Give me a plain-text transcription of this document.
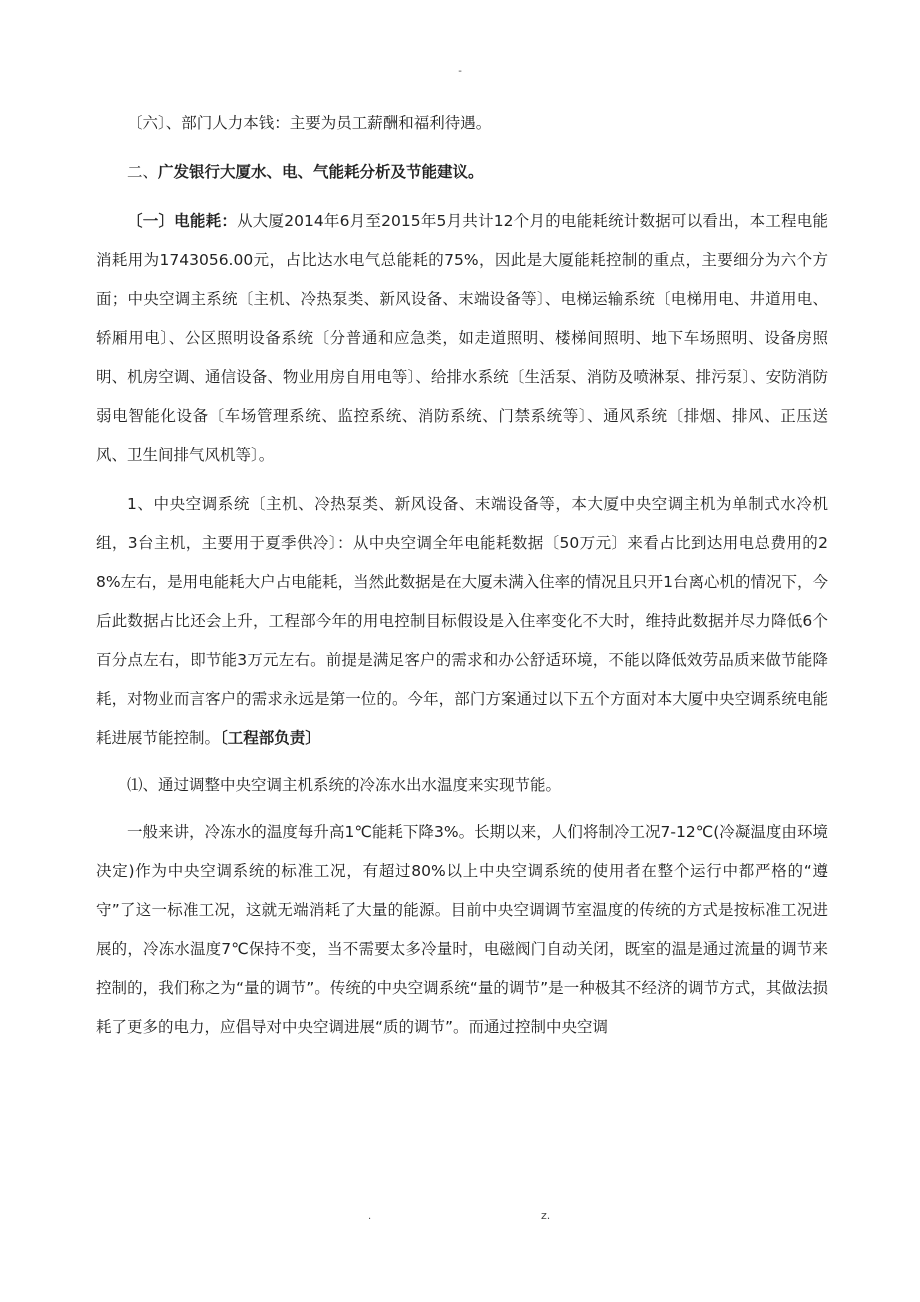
-

〔六〕、部门人力本钱：主要为员工薪酬和福利待遇。

二、广发银行大厦水、电、气能耗分析及节能建议。

〔一〕电能耗：从大厦2014年6月至2015年5月共计12个月的电能耗统计数据可以看出，本工程电能消耗用为1743056.00元，占比达水电气总能耗的75%，因此是大厦能耗控制的重点，主要细分为六个方面；中央空调主系统〔主机、冷热泵类、新风设备、末端设备等〕、电梯运输系统〔电梯用电、井道用电、轿厢用电〕、公区照明设备系统〔分普通和应急类，如走道照明、楼梯间照明、地下车场照明、设备房照明、机房空调、通信设备、物业用房自用电等〕、给排水系统〔生活泵、消防及喷淋泵、排污泵〕、安防消防弱电智能化设备〔车场管理系统、监控系统、消防系统、门禁系统等〕、通风系统〔排烟、排风、正压送风、卫生间排气风机等〕。

1、中央空调系统〔主机、冷热泵类、新风设备、末端设备等，本大厦中央空调主机为单制式水冷机组，3台主机，主要用于夏季供冷〕：从中央空调全年电能耗数据〔50万元〕来看占比到达用电总费用的28%左右，是用电能耗大户占电能耗，当然此数据是在大厦未满入住率的情况且只开1台离心机的情况下，今后此数据占比还会上升，工程部今年的用电控制目标假设是入住率变化不大时，维持此数据并尽力降低6个百分点左右，即节能3万元左右。前提是满足客户的需求和办公舒适环境，不能以降低效劳品质来做节能降耗，对物业而言客户的需求永远是第一位的。今年，部门方案通过以下五个方面对本大厦中央空调系统电能耗进展节能控制。〔工程部负责〕

⑴、通过调整中央空调主机系统的冷冻水出水温度来实现节能。

一般来讲，冷冻水的温度每升高1℃能耗下降3%。长期以来，人们将制冷工况7-12℃(冷凝温度由环境决定)作为中央空调系统的标准工况，有超过80%以上中央空调系统的使用者在整个运行中都严格的“遵守”了这一标准工况，这就无端消耗了大量的能源。目前中央空调调节室温度的传统的方式是按标准工况进展的，冷冻水温度7℃保持不变，当不需要太多冷量时，电磁阀门自动关闭，既室的温是通过流量的调节来控制的，我们称之为“量的调节”。传统的中央空调系统“量的调节”是一种极其不经济的调节方式，其做法损耗了更多的电力，应倡导对中央空调进展“质的调节”。而通过控制中央空调

.	z.
